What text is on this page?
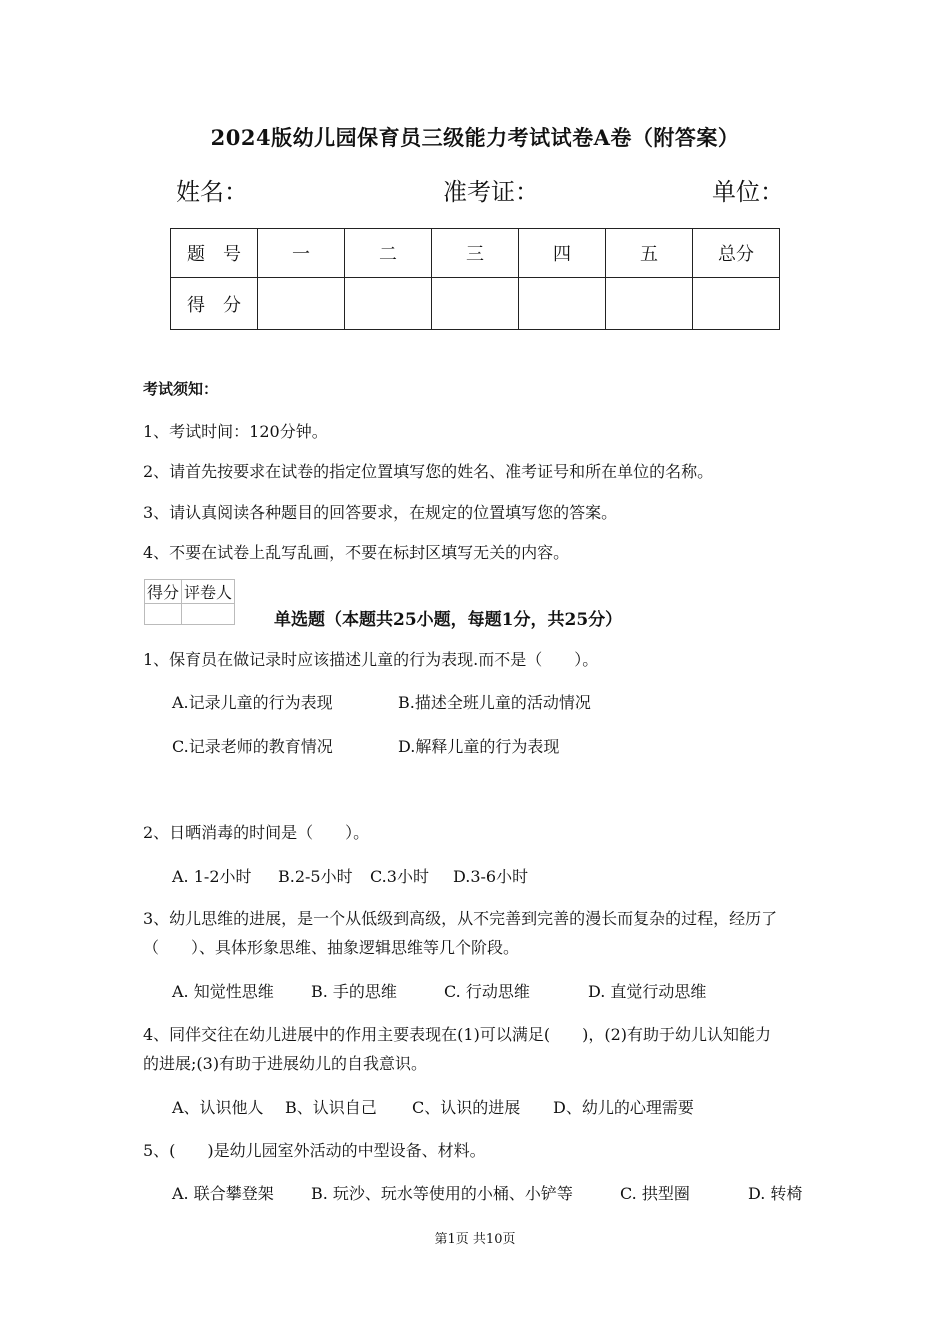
2024版幼儿园保育员三级能力考试试卷A卷（附答案）
姓名：	准考证：	单位：
题　号	一	二	三	四	五	总分
得　分						
考试须知：
1、考试时间：120分钟。
2、请首先按要求在试卷的指定位置填写您的姓名、准考证号和所在单位的名称。
3、请认真阅读各种题目的回答要求，在规定的位置填写您的答案。
4、不要在试卷上乱写乱画，不要在标封区填写无关的内容。
得分	评卷人

单选题（本题共25小题，每题1分，共25分）
1、保育员在做记录时应该描述儿童的行为表现.而不是（　　）。
A.记录儿童的行为表现	B.描述全班儿童的活动情况
C.记录老师的教育情况	D.解释儿童的行为表现
2、日晒消毒的时间是（　　）。
A. 1-2小时 B.2-5小时 C.3小时 D.3-6小时
3、幼儿思维的进展，是一个从低级到高级，从不完善到完善的漫长而复杂的过程，经历了
（　　）、具体形象思维、抽象逻辑思维等几个阶段。
A. 知觉性思维 B. 手的思维	C. 行动思维	D. 直觉行动思维
4、同伴交往在幼儿进展中的作用主要表现在(1)可以满足(　　)，(2)有助于幼儿认知能力
的进展;(3)有助于进展幼儿的自我意识。
A、认识他人 B、认识自己 C、认识的进展 D、幼儿的心理需要
5、(　　)是幼儿园室外活动的中型设备、材料。
A. 联合攀登架 B. 玩沙、玩水等使用的小桶、小铲等	C. 拱型圈	D. 转椅
第1页 共10页
